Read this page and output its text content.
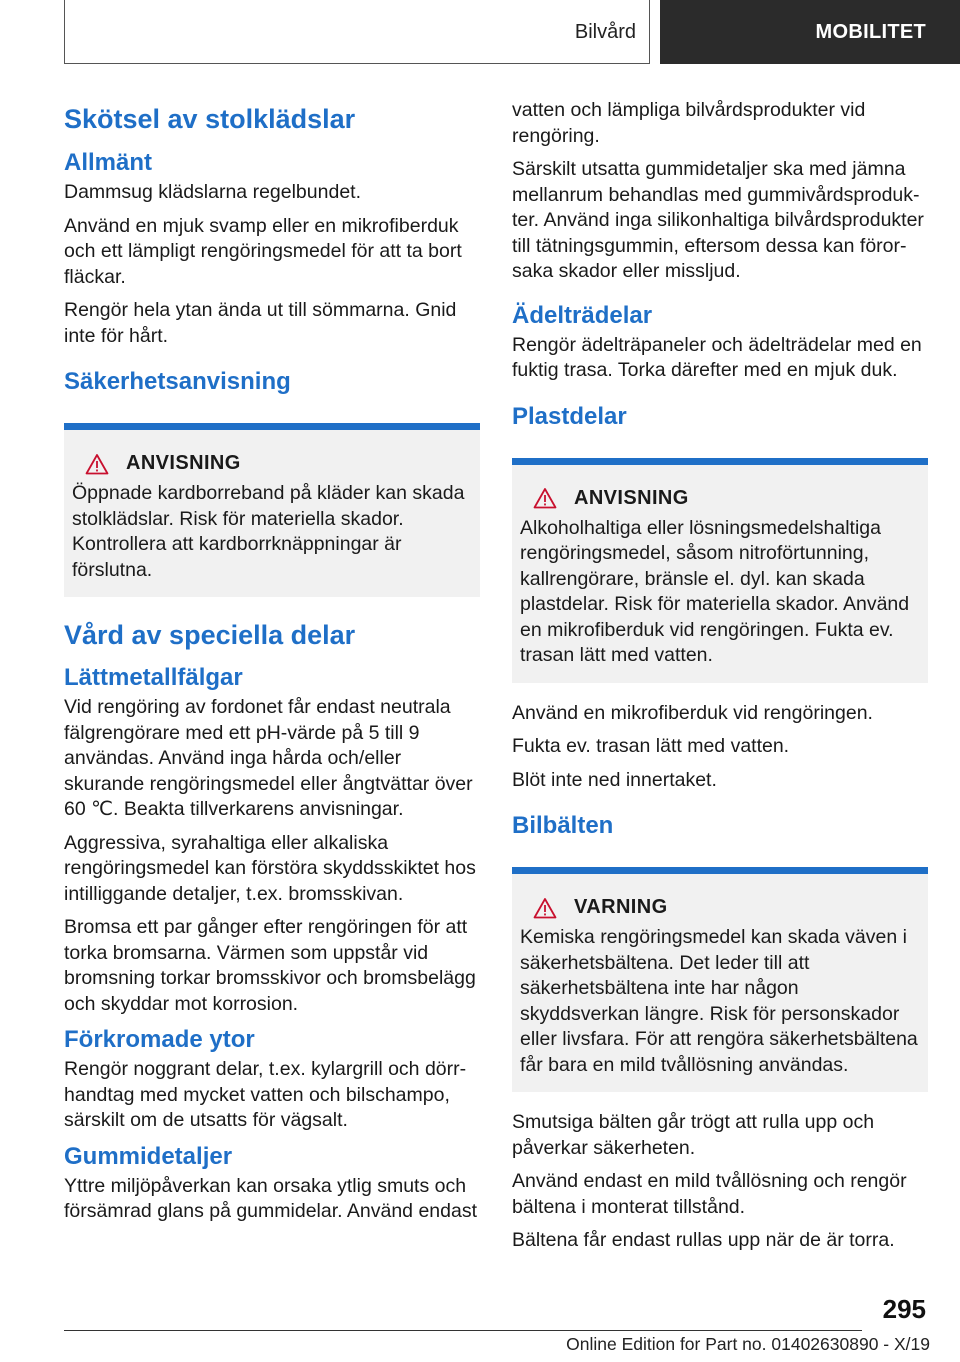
Bilvård	MOBILITET
Skötsel av stolklädslar
Allmänt

Dammsug klädslarna regelbundet.

Använd en mjuk svamp eller en mikrofiberduk och ett lämpligt rengöringsmedel för att ta bort fläckar.

Rengör hela ytan ända ut till sömmarna. Gnid inte för hårt.

Säkerhetsanvisning
ANVISNING
Öppnade kardborreband på kläder kan skada stolklädslar. Risk för materiella skador. Kontrollera att kardborrknäppningar är förslutna.
Vård av speciella delar
Lättmetallfälgar

Vid rengöring av fordonet får endast neutrala fälgrengörare med ett pH-värde på 5 till 9 användas. Använd inga hårda och/eller skurande rengöringsmedel eller ångtvättar över 60 ℃. Beakta tillverkarens anvisningar.

Aggressiva, syrahaltiga eller alkaliska rengöringsmedel kan förstöra skyddsskiktet hos intilliggande detaljer, t.ex. bromsskivan.

Bromsa ett par gånger efter rengöringen för att torka bromsarna. Värmen som uppstår vid bromsning torkar bromsskivor och bromsbelägg och skyddar mot korrosion.

Förkromade ytor

Rengör noggrant delar, t.ex. kylargrill och dörrhandtag med mycket vatten och bilschampo, särskilt om de utsatts för vägsalt.

Gummidetaljer

Yttre miljöpåverkan kan orsaka ytlig smuts och försämrad glans på gummidelar. Använd endast

vatten och lämpliga bilvårdsprodukter vid rengöring.

Särskilt utsatta gummidetaljer ska med jämna mellanrum behandlas med gummivårdsprodukter. Använd inga silikonhaltiga bilvårdsprodukter till tätningsgummin, eftersom dessa kan förorsaka skador eller missljud.

Ädelträdelar

Rengör ädelträpaneler och ädelträdelar med en fuktig trasa. Torka därefter med en mjuk duk.

Plastdelar
ANVISNING
Alkoholhaltiga eller lösningsmedelshaltiga rengöringsmedel, såsom nitroförtunning, kallrengörare, bränsle el. dyl. kan skada plastdelar. Risk för materiella skador. Använd en mikrofiberduk vid rengöringen. Fukta ev. trasan lätt med vatten.

Använd en mikrofiberduk vid rengöringen.

Fukta ev. trasan lätt med vatten.

Blöt inte ned innertaket.

Bilbälten
VARNING
Kemiska rengöringsmedel kan skada väven i säkerhetsbältena. Det leder till att säkerhetsbältena inte har någon skyddsverkan längre. Risk för personskador eller livsfara. För att rengöra säkerhetsbältena får bara en mild tvållösning användas.

Smutsiga bälten går trögt att rulla upp och påverkar säkerheten.

Använd endast en mild tvållösning och rengör bältena i monterat tillstånd.

Bältena får endast rullas upp när de är torra.

295
Online Edition for Part no. 01402630890 - X/19
